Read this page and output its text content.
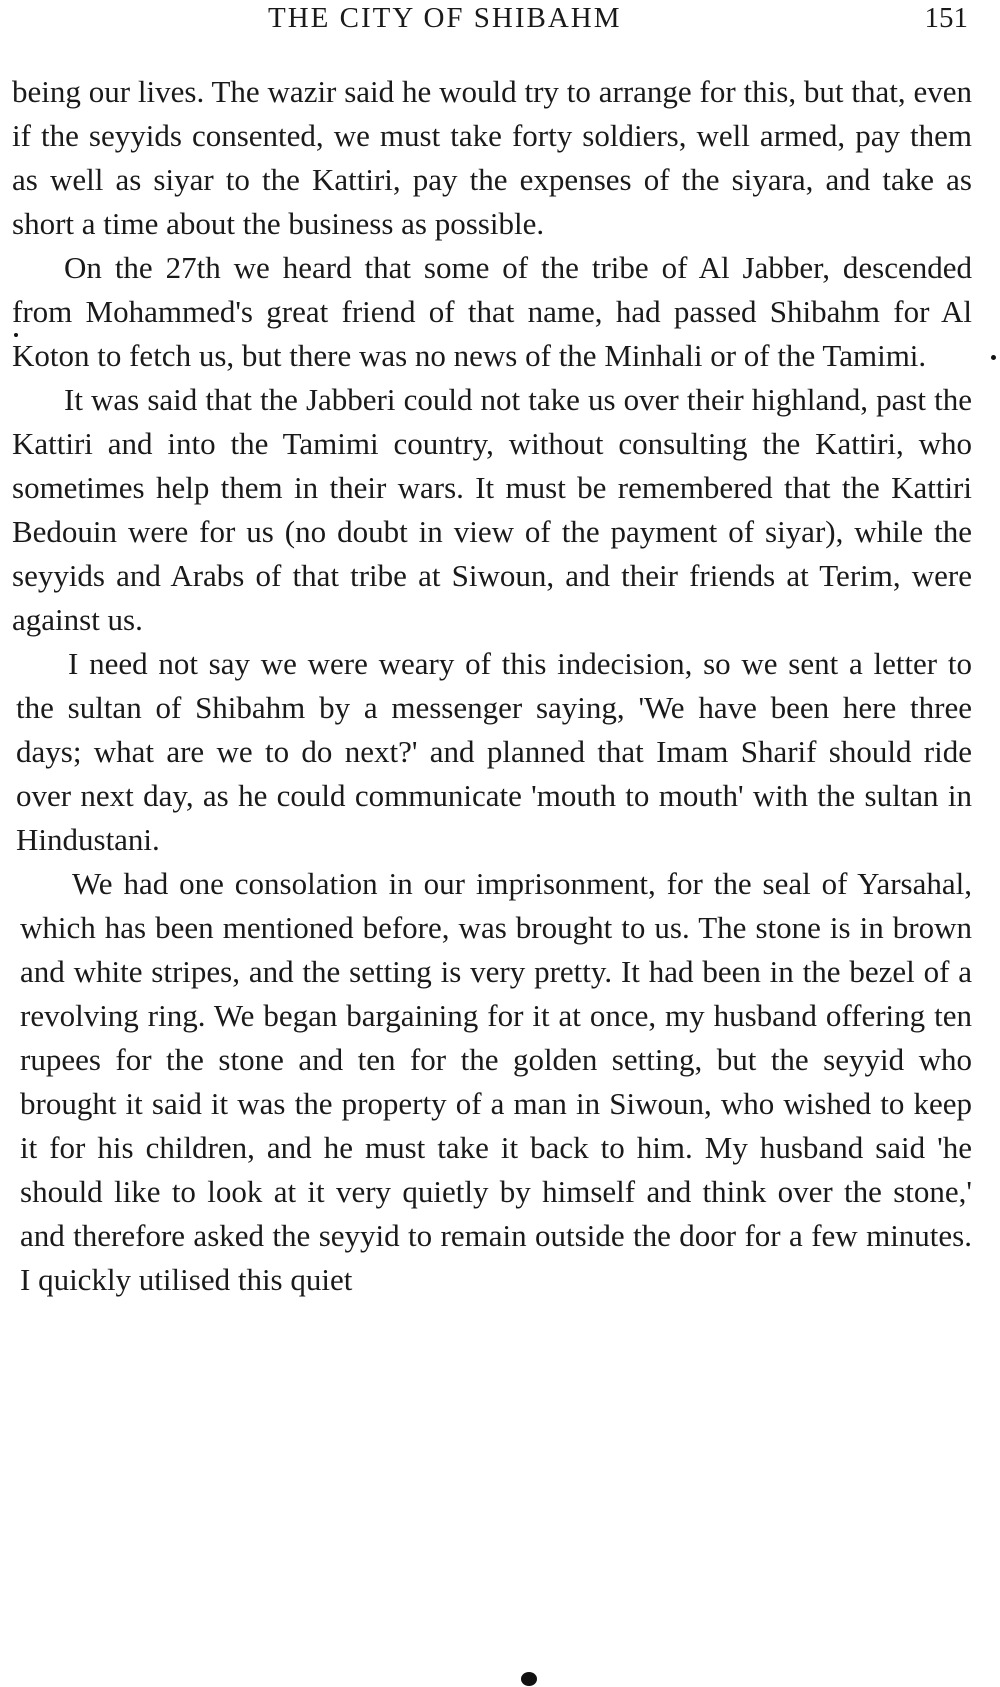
THE CITY OF SHIBAHM	151

being our lives. The wazir said he would try to arrange for this, but that, even if the seyyids consented, we must take forty soldiers, well armed, pay them as well as siyar to the Kattiri, pay the expenses of the siyara, and take as short a time about the business as possible.

On the 27th we heard that some of the tribe of Al Jabber, descended from Mohammed's great friend of that name, had passed Shibahm for Al Koton to fetch us, but there was no news of the Minhali or of the Tamimi.

It was said that the Jabberi could not take us over their highland, past the Kattiri and into the Tamimi country, without consulting the Kattiri, who sometimes help them in their wars. It must be remembered that the Kattiri Bedouin were for us (no doubt in view of the payment of siyar), while the seyyids and Arabs of that tribe at Siwoun, and their friends at Terim, were against us.

I need not say we were weary of this indecision, so we sent a letter to the sultan of Shibahm by a messenger saying, 'We have been here three days; what are we to do next?' and planned that Imam Sharif should ride over next day, as he could communicate 'mouth to mouth' with the sultan in Hindustani.

We had one consolation in our imprisonment, for the seal of Yarsahal, which has been mentioned before, was brought to us. The stone is in brown and white stripes, and the setting is very pretty. It had been in the bezel of a revolving ring. We began bargaining for it at once, my husband offering ten rupees for the stone and ten for the golden setting, but the seyyid who brought it said it was the property of a man in Siwoun, who wished to keep it for his children, and he must take it back to him. My husband said 'he should like to look at it very quietly by himself and think over the stone,' and therefore asked the seyyid to remain outside the door for a few minutes. I quickly utilised this quiet
